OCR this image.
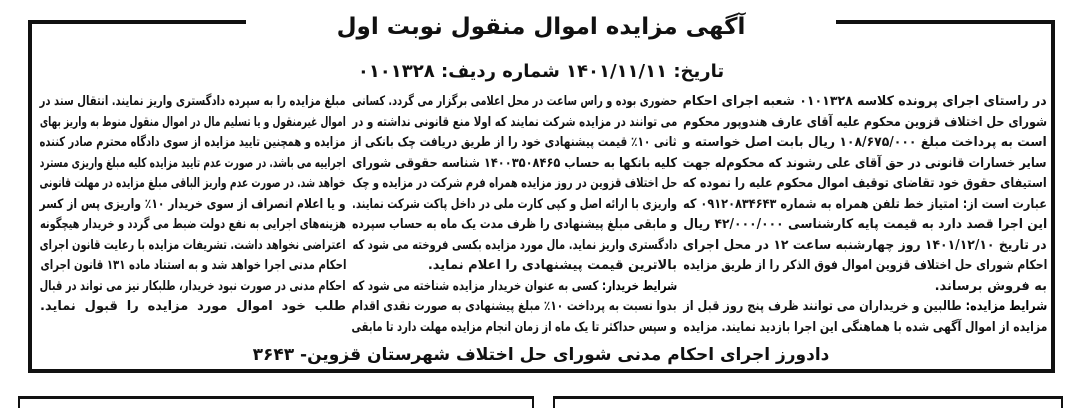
آگهی مزایده اموال منقول نوبت اول
تاریخ: ۱۴۰۱/۱۱/۱۱ شماره ردیف: ۰۱۰۱۳۲۸
در راستای اجرای پرونده کلاسه ۰۱۰۱۳۲۸ شعبه اجرای احکام
شورای حل اختلاف قزوین محکوم علیه آقای عارف هندوپور محکوم
است به پرداخت مبلغ ۱۰۸/۶۷۵/۰۰۰ ریال بابت اصل خواسته و
سایر خسارات قانونی در حق آقای علی رشوند که محکوم‌له جهت
استیفای حقوق خود تقاضای توقیف اموال محکوم علیه را نموده که
عبارت است از: امتیاز خط تلفن همراه به شماره ۰۹۱۲۰۸۳۴۶۴۳ که
این اجرا قصد دارد به قیمت پایه کارشناسی ۴۲/۰۰۰/۰۰۰ ریال
در تاریخ ۱۴۰۱/۱۲/۱۰ روز چهارشنبه ساعت ۱۲ در محل اجرای
احکام شورای حل اختلاف قزوین اموال فوق الذکر را از طریق مزایده
به فروش برساند.
شرایط مزایده: طالبین و خریداران می توانند ظرف پنج روز قبل از
مزایده از اموال آگهی شده با هماهنگی این اجرا بازدید نمایند. مزایده
حضوری بوده و راس ساعت در محل اعلامی برگزار می گردد. کسانی
می توانند در مزایده شرکت نمایند که اولا منع قانونی نداشته و در
ثانی ۱۰٪ قیمت پیشنهادی خود را از طریق دریافت چک بانکی از
کلیه بانکها به حساب ۱۴۰۰۳۵۰۸۴۶۵ شناسه حقوقی شورای
حل اختلاف قزوین در روز مزایده همراه فرم شرکت در مزایده و چک
واریزی با ارائه اصل و کپی کارت ملی در داخل پاکت شرکت نمایند.
و مابقی مبلغ پیشنهادی را ظرف مدت یک ماه به حساب سپرده
دادگستری واریز نماید. مال مورد مزایده بکسی فروخته می شود که
بالاترین قیمت پیشنهادی را اعلام نماید.
شرایط خریدار: کسی به عنوان خریدار مزایده شناخته می شود که
بدوا نسبت به پرداخت ۱۰٪ مبلغ پیشنهادی به صورت نقدی اقدام
و سپس حداکثر تا یک ماه از زمان انجام مزایده مهلت دارد تا مابقی
مبلغ مزایده را به سپرده دادگستری واریز نمایند. انتقال سند در
اموال غیرمنقول و یا تسلیم مال در اموال منقول منوط به واریز بهای
مزایده و همچنین تایید مزایده از سوی دادگاه محترم صادر کننده
اجراییه می باشد. در صورت عدم تایید مزایده کلیه مبلغ واریزی مسترد
خواهد شد. در صورت عدم واریز الباقی مبلغ مزایده در مهلت قانونی
و یا اعلام انصراف از سوی خریدار ۱۰٪ واریزی پس از کسر
هزینه‌های اجرایی به نفع دولت ضبط می گردد و خریدار هیچگونه
اعتراضی نخواهد داشت. تشریفات مزایده با رعایت قانون اجرای
احکام مدنی اجرا خواهد شد و به استناد ماده ۱۳۱ قانون اجرای
احکام مدنی در صورت نبود خریدار، طلبکار نیز می تواند در قبال
طلب خود اموال مورد مزایده را قبول نماید.
دادورز اجرای احکام مدنی شورای حل اختلاف شهرستان قزوین- ۳۶۴۳
